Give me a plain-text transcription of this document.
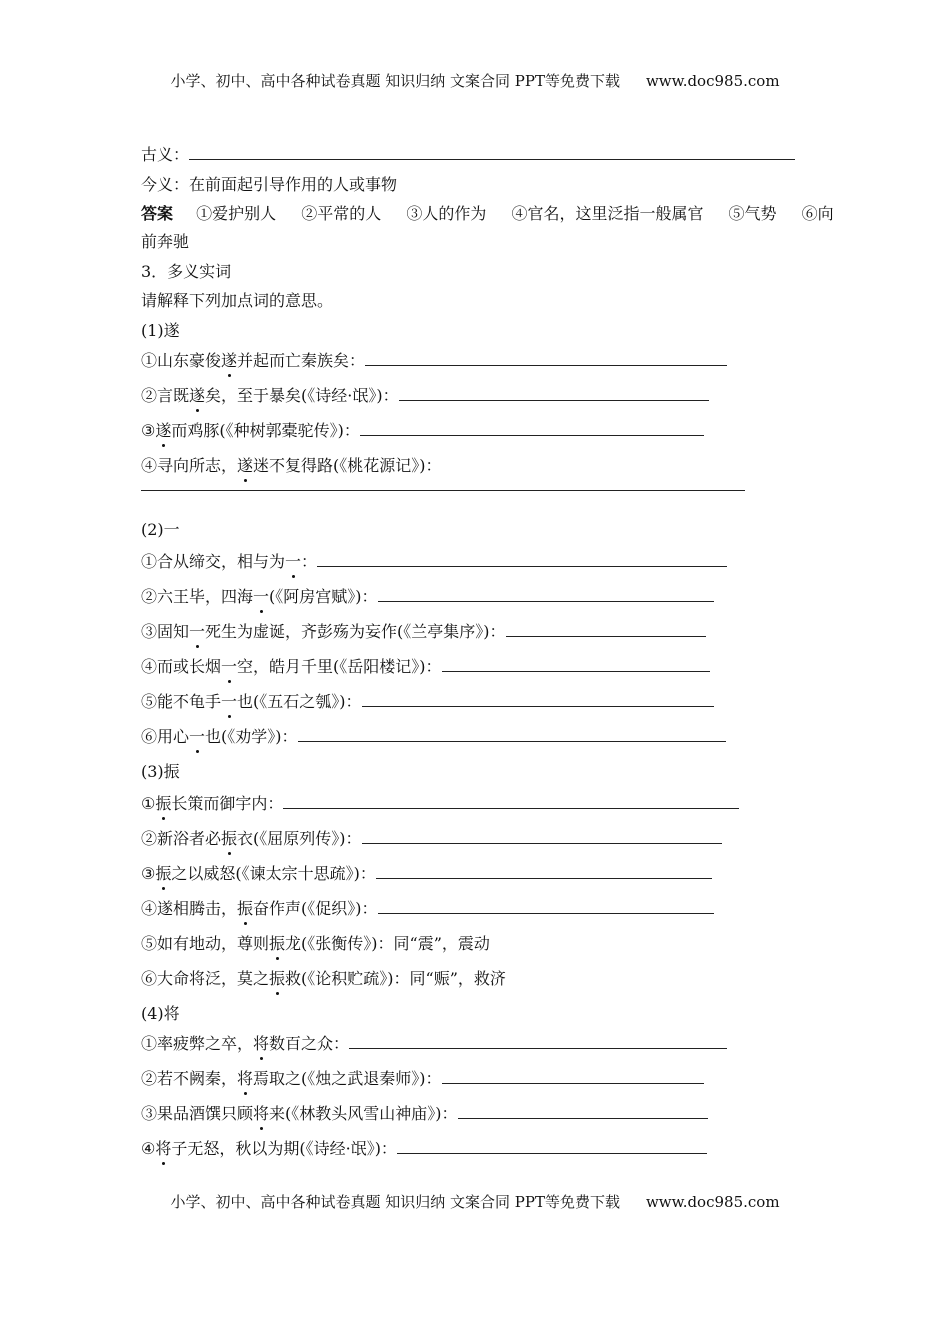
小学、初中、高中各种试卷真题 知识归纳 文案合同 PPT等免费下载 www.doc985.com
古义：
今义：在前面起引导作用的人或事物
答案 ①爱护别人 ②平常的人 ③人的作为 ④官名，这里泛指一般属官 ⑤气势 ⑥向
前奔驰
3．多义实词
请解释下列加点词的意思。
(1)遂
①山东豪俊遂并起而亡秦族矣：
②言既遂矣，至于暴矣(《诗经·氓》)：
③遂而鸡豚(《种树郭橐驼传》)：
④寻向所志，遂迷不复得路(《桃花源记》)：
(2)一
①合从缔交，相与为一：
②六王毕，四海一(《阿房宫赋》)：
③固知一死生为虚诞，齐彭殇为妄作(《兰亭集序》)：
④而或长烟一空，皓月千里(《岳阳楼记》)：
⑤能不龟手一也(《五石之瓠》)：
⑥用心一也(《劝学》)：
(3)振
①振长策而御宇内：
②新浴者必振衣(《屈原列传》)：
③振之以威怒(《谏太宗十思疏》)：
④遂相腾击，振奋作声(《促织》)：
⑤如有地动，尊则振龙(《张衡传》)：同“震”，震动
⑥大命将泛，莫之振救(《论积贮疏》)：同“赈”，救济
(4)将
①率疲弊之卒，将数百之众：
②若不阙秦，将焉取之(《烛之武退秦师》)：
③果品酒馔只顾将来(《林教头风雪山神庙》)：
④将子无怒，秋以为期(《诗经·氓》)：
小学、初中、高中各种试卷真题 知识归纳 文案合同 PPT等免费下载 www.doc985.com
